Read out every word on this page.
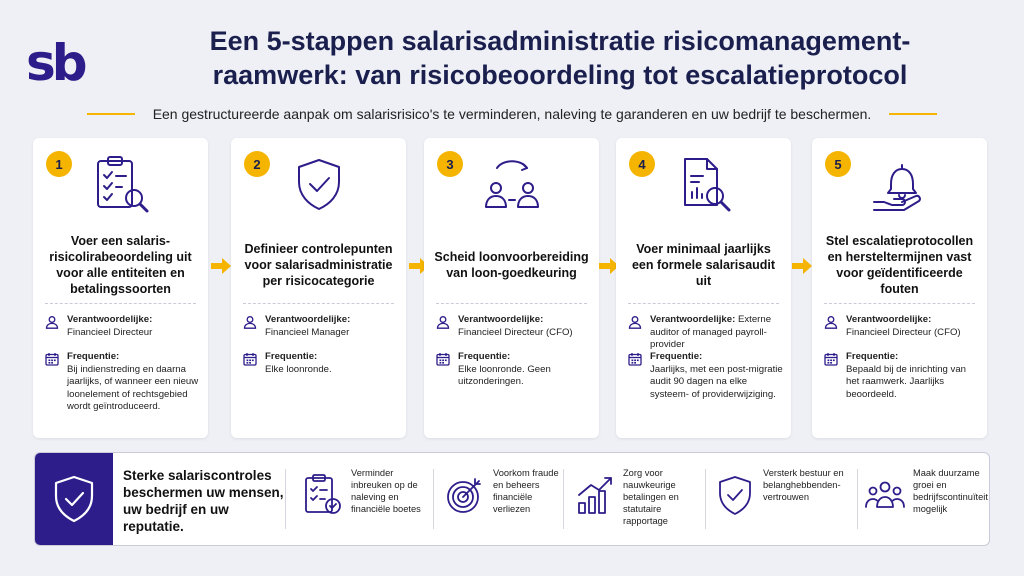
sb	Een 5-stappen salarisadministratie risicomanagement-
raamwerk: van risicobeoordeling tot escalatieprotocol
Een gestructureerde aanpak om salarisrisico's te verminderen, naleving te garanderen en uw bedrijf te beschermen.
1
Voer een salaris-risicolirabeoordeling uit voor alle entiteiten en betalingssoorten
Verantwoordelijke:
Financieel Directeur
Frequentie:
Bij indienstreding en daarna jaarlijks, of wanneer een nieuw loonelement of rechtsgebied wordt geïntroduceerd.
2
Definieer controlepunten voor salarisadministratie per risicocategorie
Verantwoordelijke:
Financieel Manager
Frequentie:
Elke loonronde.
3
Scheid loonvoorbereiding van loon-goedkeuring
Verantwoordelijke:
Financieel Directeur (CFO)
Frequentie:
Elke loonronde. Geen uitzonderingen.
4
Voer minimaal jaarlijks een formele salarisaudit uit
Verantwoordelijke: Externe auditor of managed payroll-provider
Frequentie:
Jaarlijks, met een post-migratie audit 90 dagen na elke systeem- of providerwijziging.
5
Stel escalatieprotocollen en hersteltermijnen vast voor geïdentificeerde fouten
Verantwoordelijke:
Financieel Directeur (CFO)
Frequentie:
Bepaald bij de inrichting van het raamwerk. Jaarlijks beoordeeld.
Sterke salariscontroles beschermen uw mensen, uw bedrijf en uw reputatie.
Verminder inbreuken op de naleving en financiële boetes
Voorkom fraude en beheers financiële verliezen
Zorg voor nauwkeurige betalingen en statutaire rapportage
Versterk bestuur en belanghebbenden-vertrouwen
Maak duurzame groei en bedrijfscontinuïteit mogelijk
